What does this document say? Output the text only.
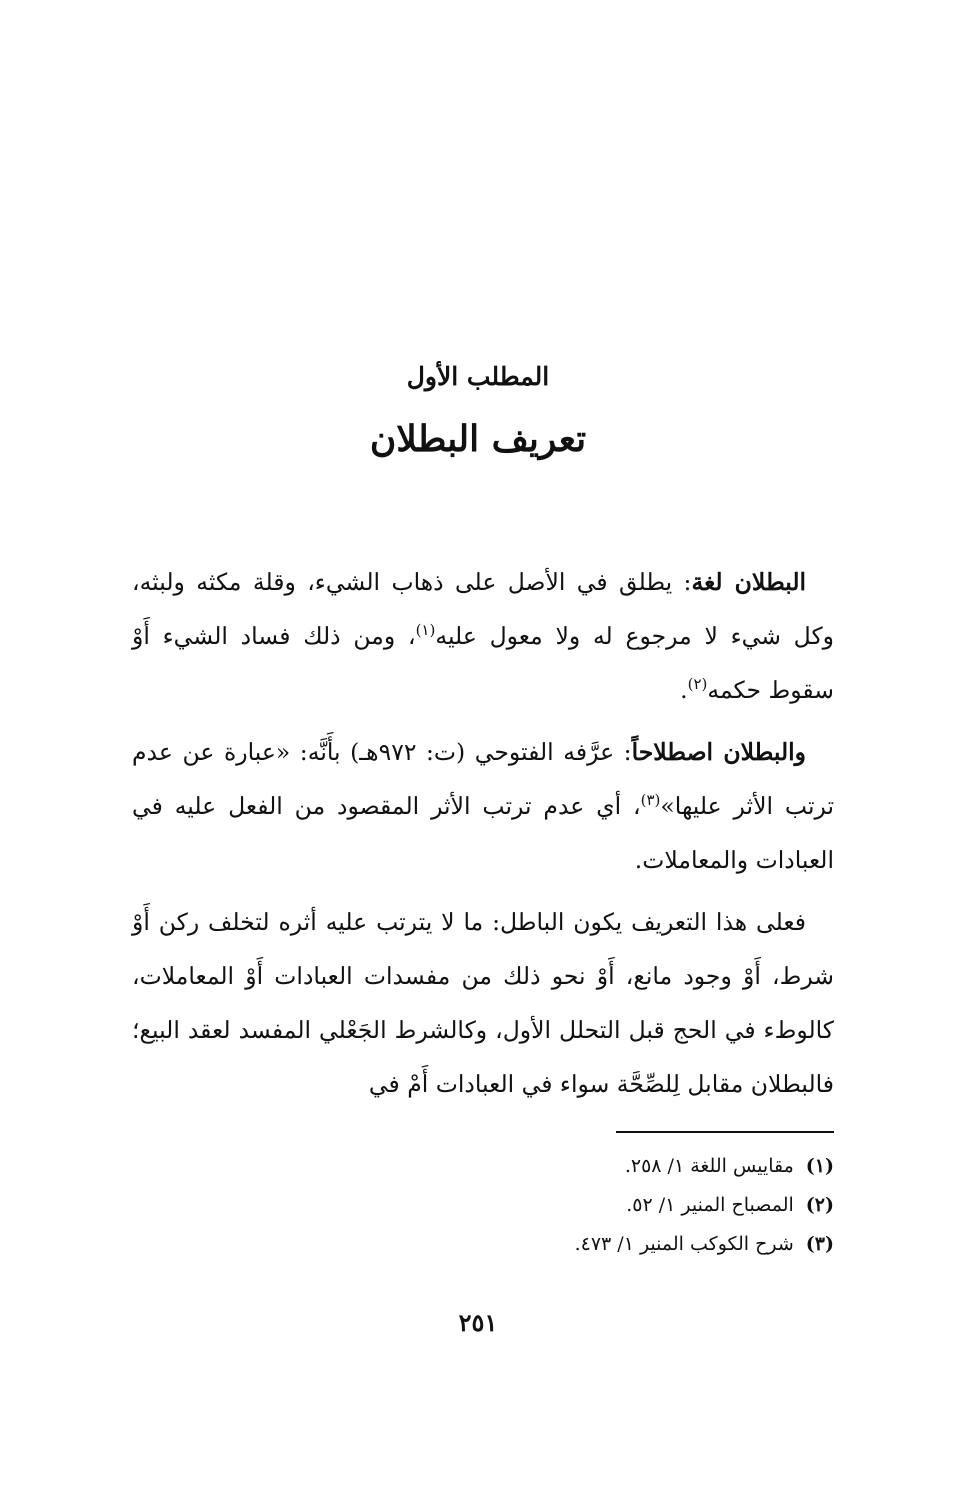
المطلب الأول
تعريف البطلان

البطلان لغة: يطلق في الأصل على ذهاب الشيء، وقلة مكثه ولبثه، وكل شيء لا مرجوع له ولا معول عليه$^{(١)}$، ومن ذلك فساد الشيء أَوْ سقوط حكمه$^{(٢)}$.

والبطلان اصطلاحاً: عرَّفه الفتوحي (ت: ٩٧٢هـ) بأَنَّه: «عبارة عن عدم ترتب الأثر عليها»$^{(٣)}$، أي عدم ترتب الأثر المقصود من الفعل عليه في العبادات والمعاملات.

فعلى هذا التعريف يكون الباطل: ما لا يترتب عليه أثره لتخلف ركن أَوْ شرط، أَوْ وجود مانع، أَوْ نحو ذلك من مفسدات العبادات أَوْ المعاملات، كالوطء في الحج قبل التحلل الأول، وكالشرط الجَعْلي المفسد لعقد البيع؛ فالبطلان مقابل لِلصِّحَّة سواء في العبادات أَمْ في

(١)مقاييس اللغة ١/ ٢٥٨.
(٢)المصباح المنير ١/ ٥٢.
(٣)شرح الكوكب المنير ١/ ٤٧٣.
٢٥١
